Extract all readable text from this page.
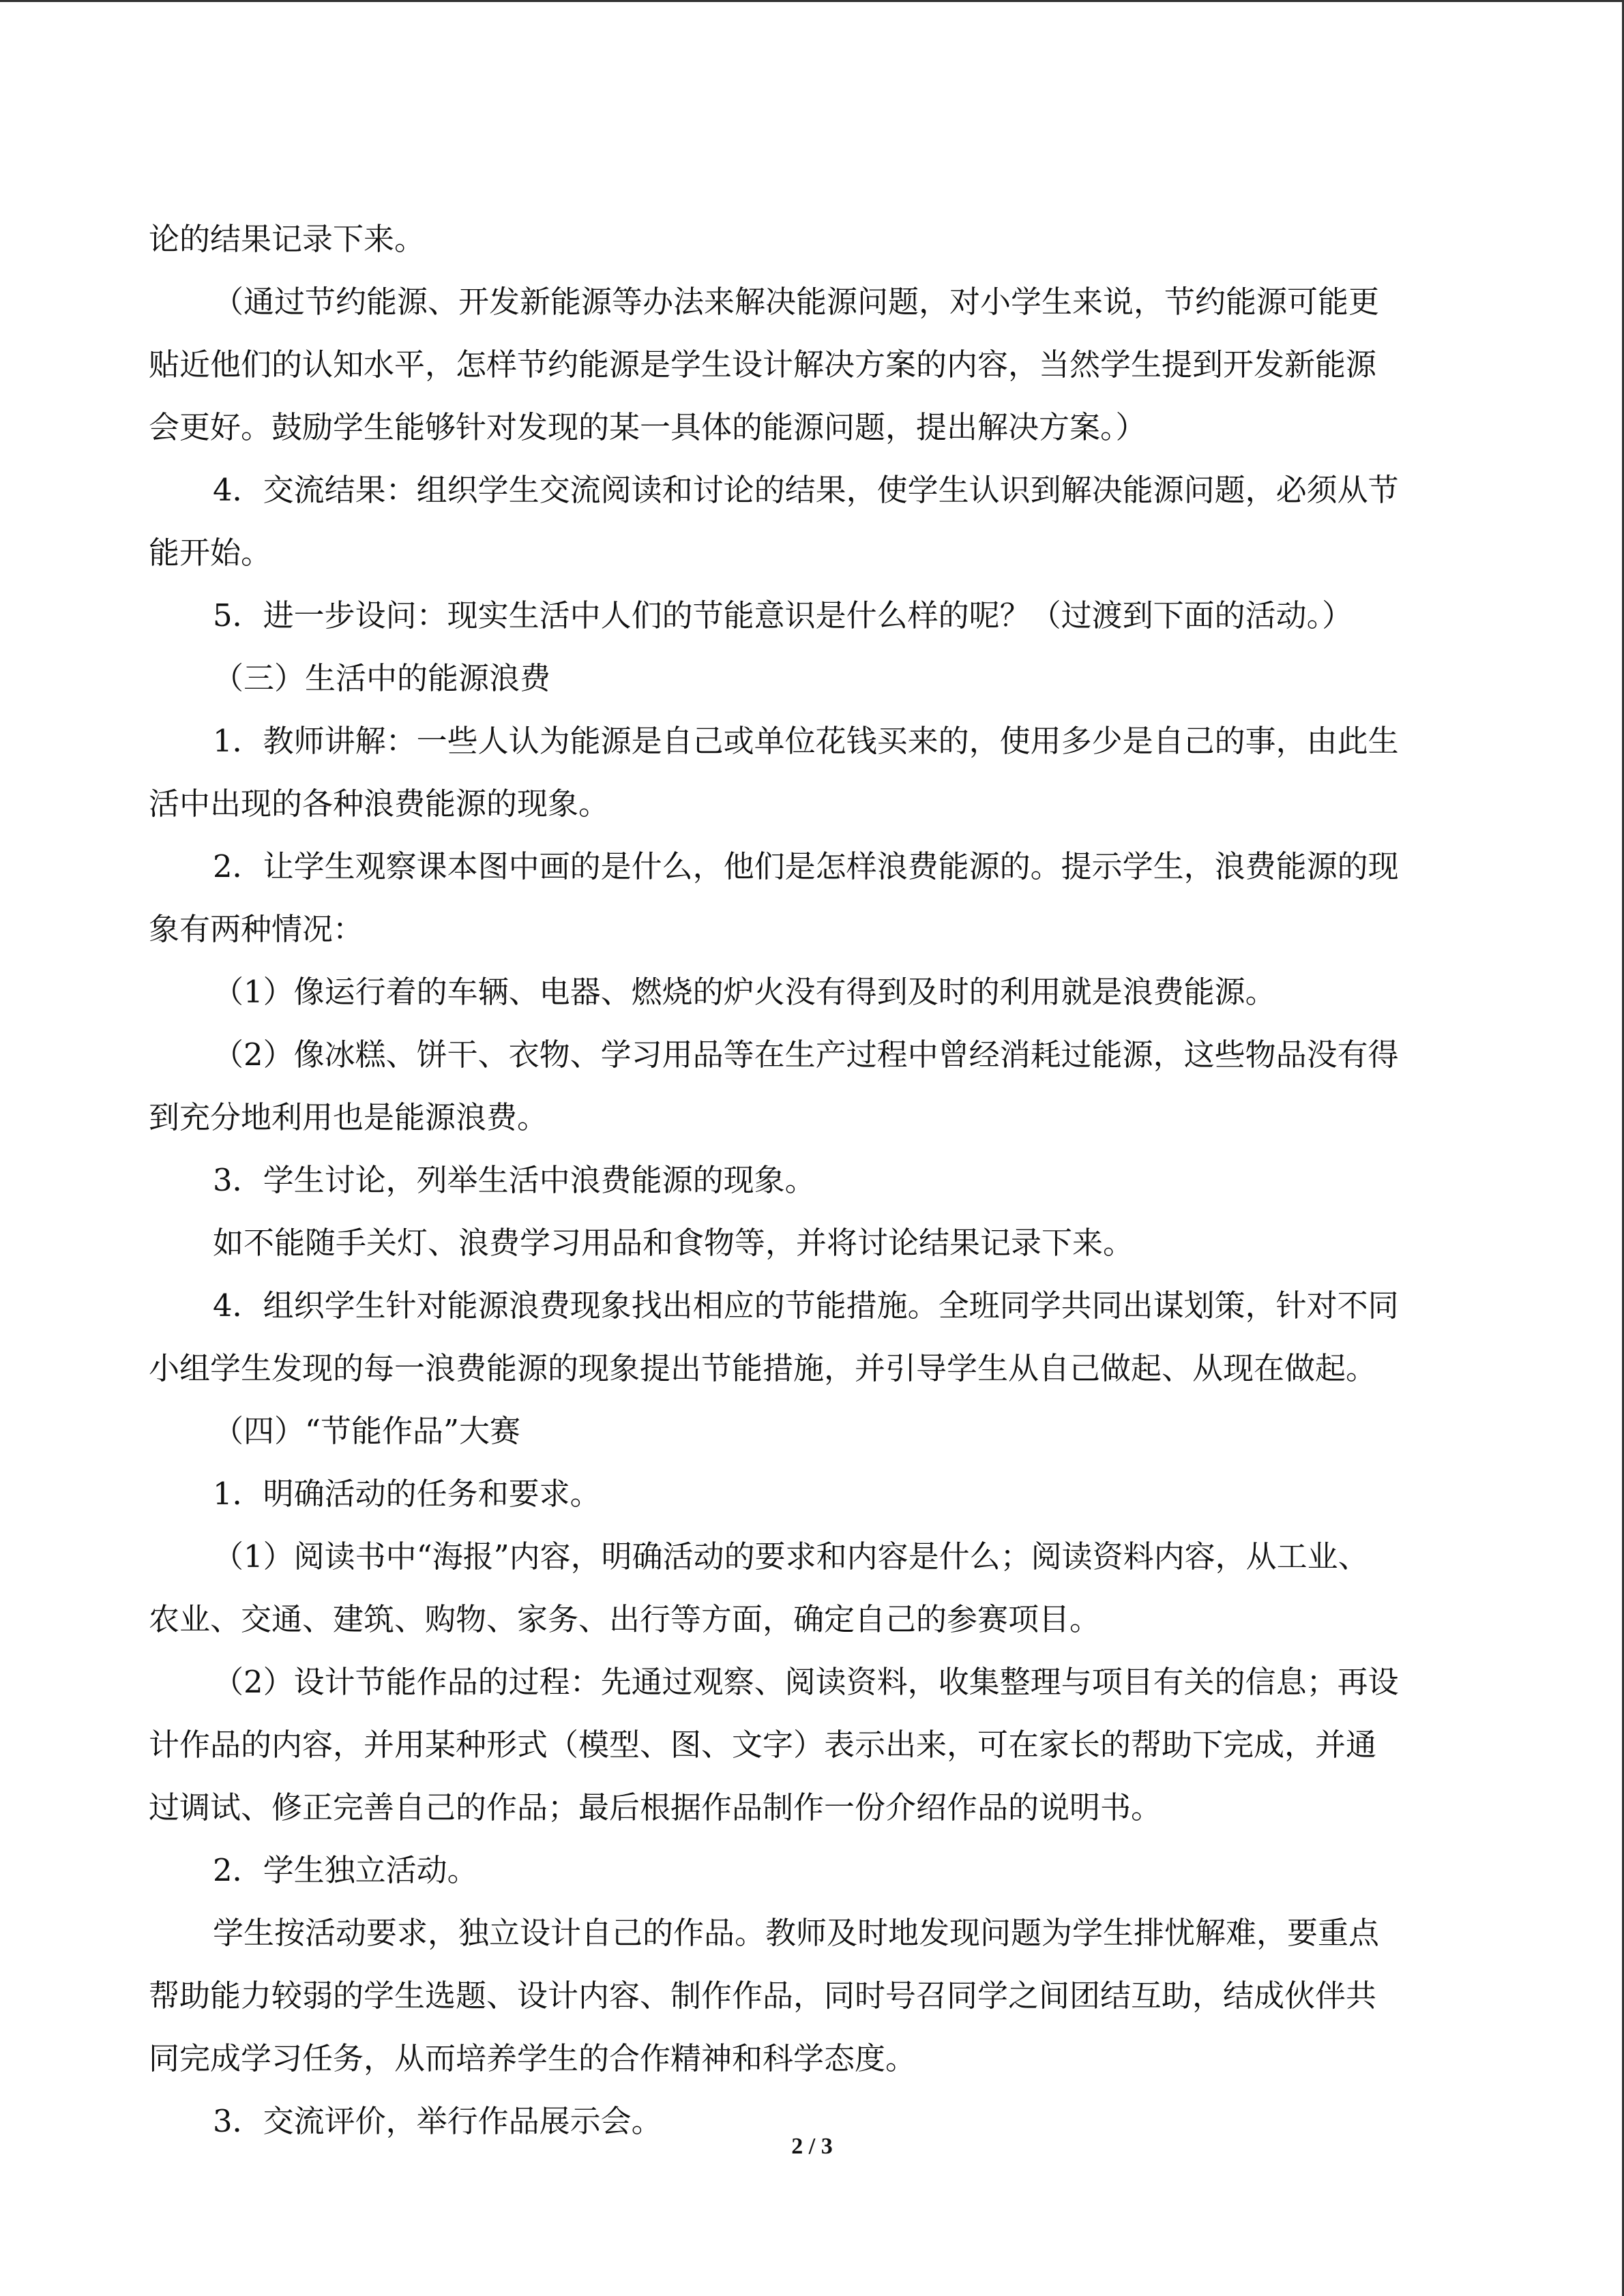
论的结果记录下来。
（通过节约能源、开发新能源等办法来解决能源问题，对小学生来说，节约能源可能更
贴近他们的认知水平，怎样节约能源是学生设计解决方案的内容，当然学生提到开发新能源
会更好。鼓励学生能够针对发现的某一具体的能源问题，提出解决方案。）
4．交流结果：组织学生交流阅读和讨论的结果，使学生认识到解决能源问题，必须从节
能开始。
5．进一步设问：现实生活中人们的节能意识是什么样的呢？（过渡到下面的活动。）
（三）生活中的能源浪费
1．教师讲解：一些人认为能源是自己或单位花钱买来的，使用多少是自己的事，由此生
活中出现的各种浪费能源的现象。
2．让学生观察课本图中画的是什么，他们是怎样浪费能源的。提示学生，浪费能源的现
象有两种情况：
（1）像运行着的车辆、电器、燃烧的炉火没有得到及时的利用就是浪费能源。
（2）像冰糕、饼干、衣物、学习用品等在生产过程中曾经消耗过能源，这些物品没有得
到充分地利用也是能源浪费。
3．学生讨论，列举生活中浪费能源的现象。
如不能随手关灯、浪费学习用品和食物等，并将讨论结果记录下来。
4．组织学生针对能源浪费现象找出相应的节能措施。全班同学共同出谋划策，针对不同
小组学生发现的每一浪费能源的现象提出节能措施，并引导学生从自己做起、从现在做起。
（四）“节能作品”大赛
1．明确活动的任务和要求。
（1）阅读书中“海报”内容，明确活动的要求和内容是什么；阅读资料内容，从工业、
农业、交通、建筑、购物、家务、出行等方面，确定自己的参赛项目。
（2）设计节能作品的过程：先通过观察、阅读资料，收集整理与项目有关的信息；再设
计作品的内容，并用某种形式（模型、图、文字）表示出来，可在家长的帮助下完成，并通
过调试、修正完善自己的作品；最后根据作品制作一份介绍作品的说明书。
2．学生独立活动。
学生按活动要求，独立设计自己的作品。教师及时地发现问题为学生排忧解难，要重点
帮助能力较弱的学生选题、设计内容、制作作品，同时号召同学之间团结互助，结成伙伴共
同完成学习任务，从而培养学生的合作精神和科学态度。
3．交流评价，举行作品展示会。
2 / 3
